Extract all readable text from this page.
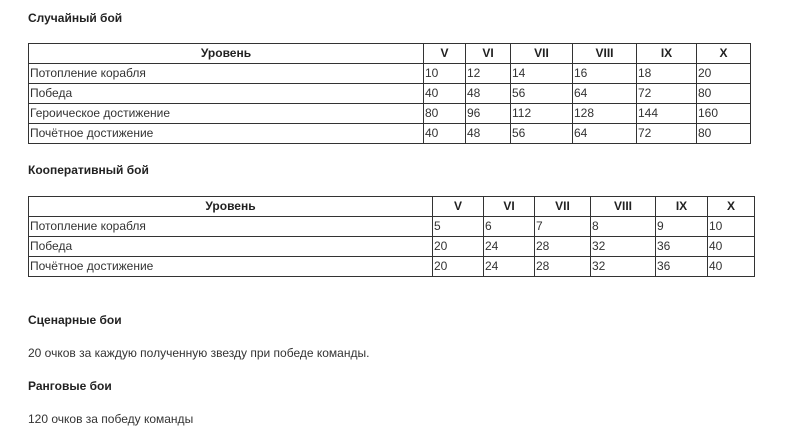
Случайный бой
Уровень	V	VI	VII	VIII	IX	X
Потопление корабля	10	12	14	16	18	20
Победа	40	48	56	64	72	80
Героическое достижение	80	96	112	128	144	160
Почётное достижение	40	48	56	64	72	80
Кооперативный бой
Уровень	V	VI	VII	VIII	IX	X
Потопление корабля	5	6	7	8	9	10
Победа	20	24	28	32	36	40
Почётное достижение	20	24	28	32	36	40
Сценарные бои

20 очков за каждую полученную звезду при победе команды.

Ранговые бои

120 очков за победу команды
